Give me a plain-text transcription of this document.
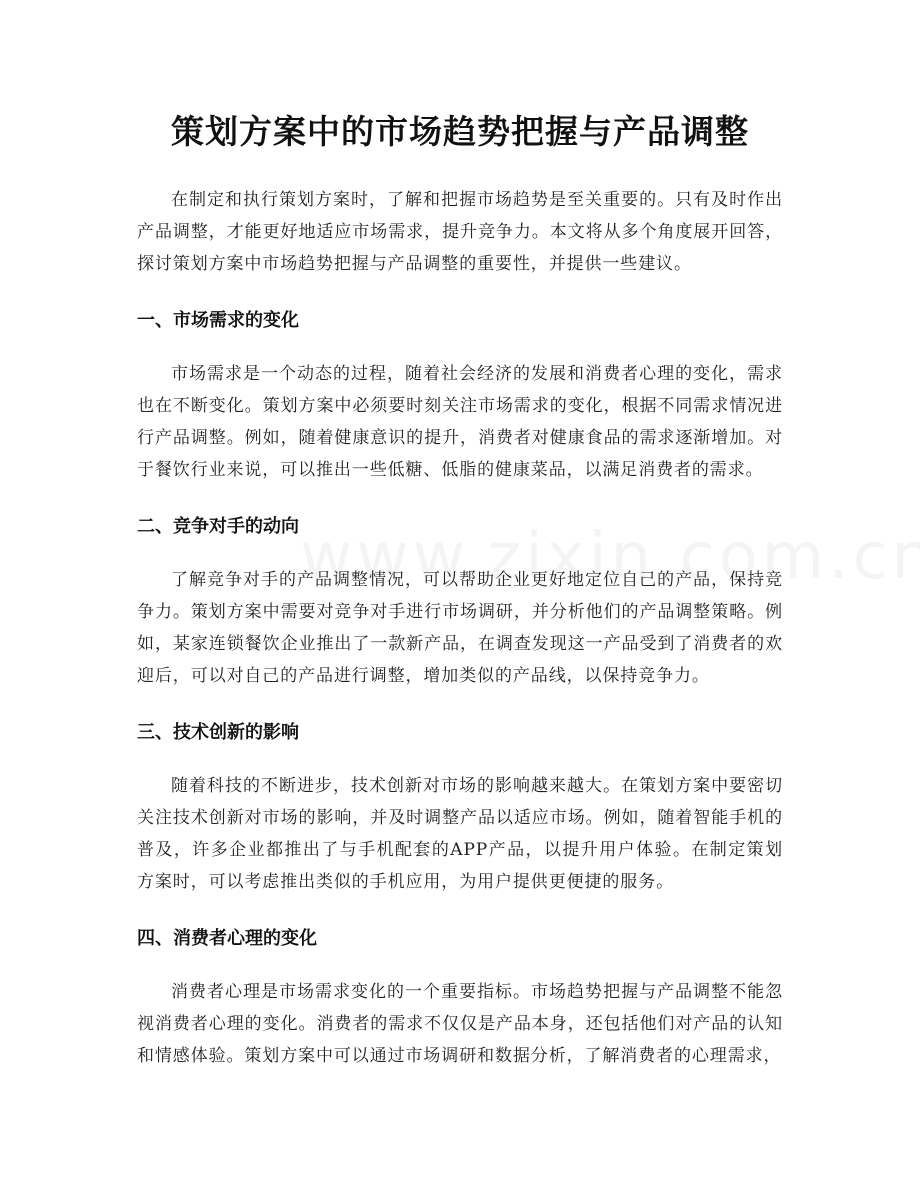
策划方案中的市场趋势把握与产品调整

在制定和执行策划方案时，了解和把握市场趋势是至关重要的。只有及时作出产品调整，才能更好地适应市场需求，提升竞争力。本文将从多个角度展开回答，探讨策划方案中市场趋势把握与产品调整的重要性，并提供一些建议。

一、市场需求的变化

市场需求是一个动态的过程，随着社会经济的发展和消费者心理的变化，需求也在不断变化。策划方案中必须要时刻关注市场需求的变化，根据不同需求情况进行产品调整。例如，随着健康意识的提升，消费者对健康食品的需求逐渐增加。对于餐饮行业来说，可以推出一些低糖、低脂的健康菜品，以满足消费者的需求。

二、竞争对手的动向

了解竞争对手的产品调整情况，可以帮助企业更好地定位自己的产品，保持竞争力。策划方案中需要对竞争对手进行市场调研，并分析他们的产品调整策略。例如，某家连锁餐饮企业推出了一款新产品，在调查发现这一产品受到了消费者的欢迎后，可以对自己的产品进行调整，增加类似的产品线，以保持竞争力。

三、技术创新的影响

随着科技的不断进步，技术创新对市场的影响越来越大。在策划方案中要密切关注技术创新对市场的影响，并及时调整产品以适应市场。例如，随着智能手机的普及，许多企业都推出了与手机配套的APP产品，以提升用户体验。在制定策划方案时，可以考虑推出类似的手机应用，为用户提供更便捷的服务。

四、消费者心理的变化

消费者心理是市场需求变化的一个重要指标。市场趋势把握与产品调整不能忽视消费者心理的变化。消费者的需求不仅仅是产品本身，还包括他们对产品的认知和情感体验。策划方案中可以通过市场调研和数据分析，了解消费者的心理需求，
